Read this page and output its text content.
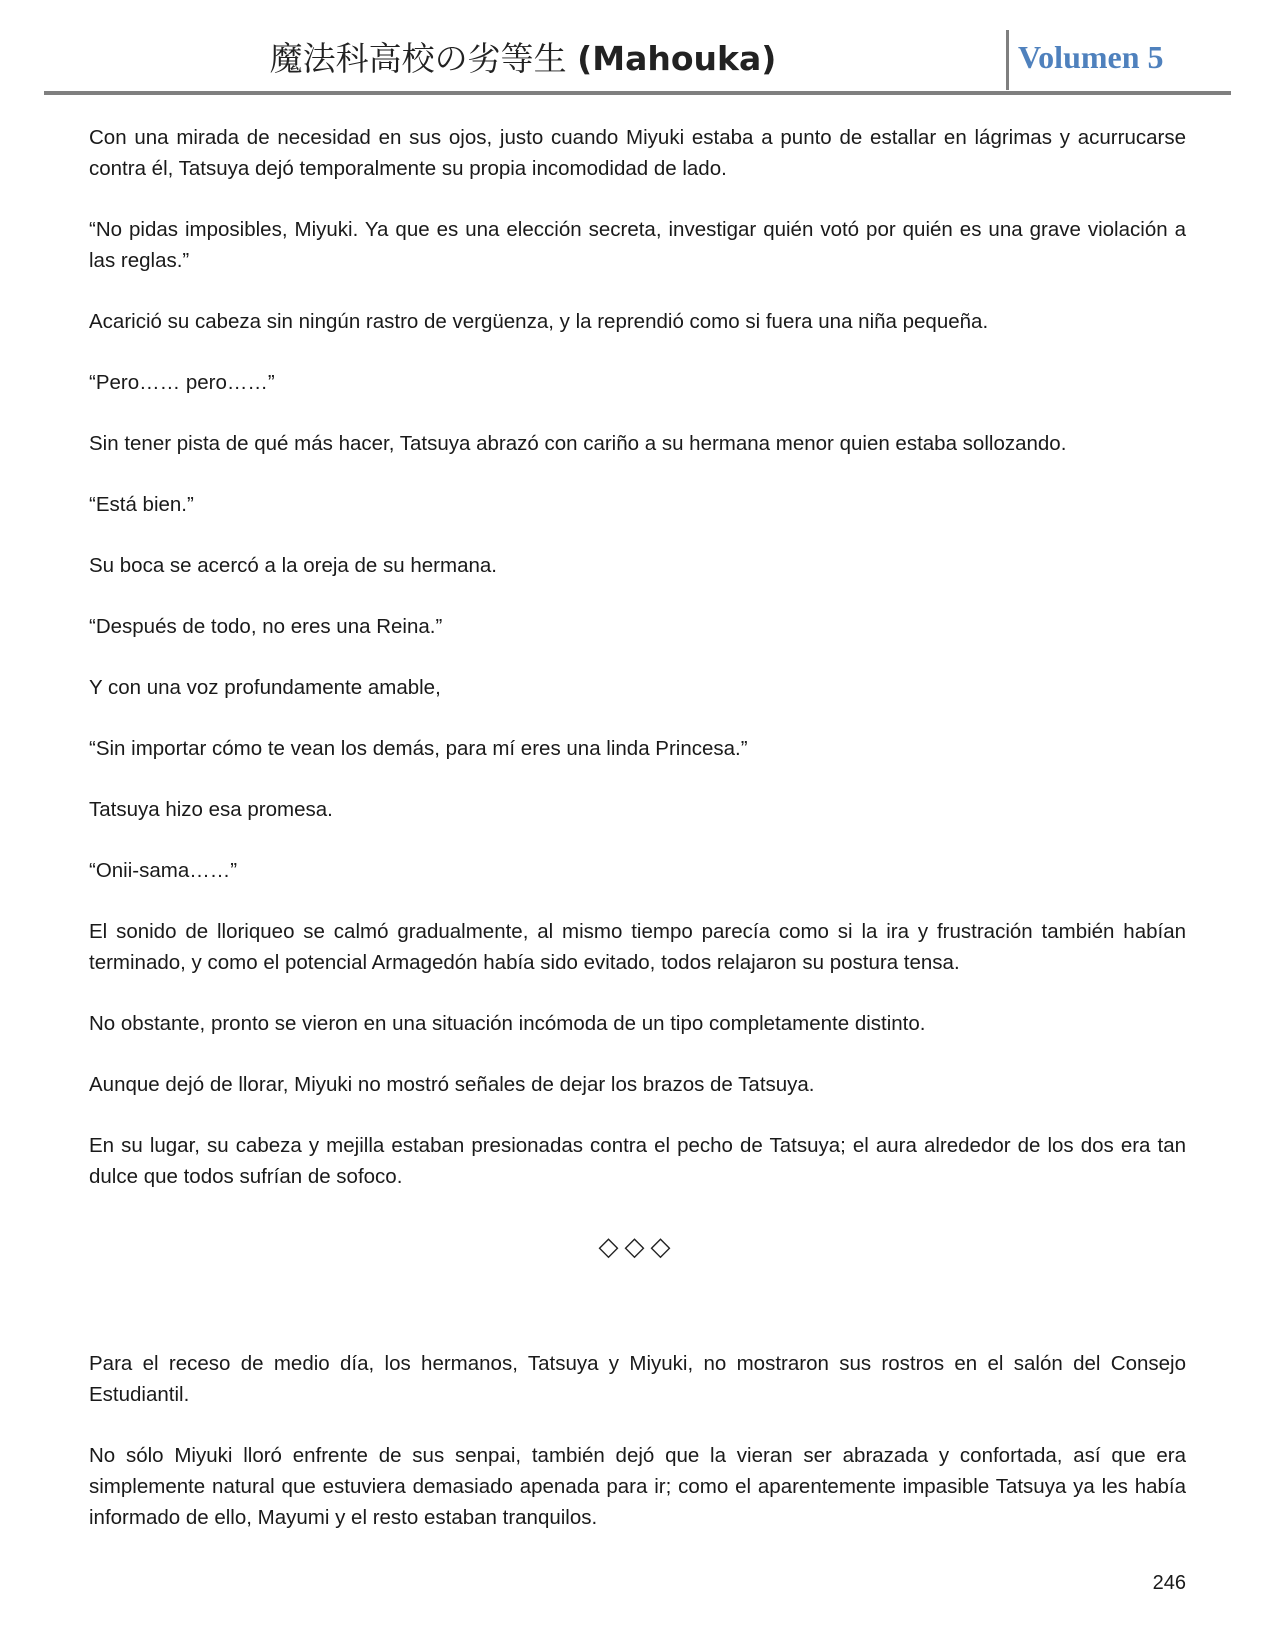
魔法科高校の劣等生 (Mahouka)	Volumen 5

Con una mirada de necesidad en sus ojos, justo cuando Miyuki estaba a punto de estallar en lágrimas y acurrucarse contra él, Tatsuya dejó temporalmente su propia incomodidad de lado.

“No pidas imposibles, Miyuki. Ya que es una elección secreta, investigar quién votó por quién es una grave violación a las reglas.”

Acarició su cabeza sin ningún rastro de vergüenza, y la reprendió como si fuera una niña pequeña.

“Pero…… pero……”

Sin tener pista de qué más hacer, Tatsuya abrazó con cariño a su hermana menor quien estaba sollozando.

“Está bien.”

Su boca se acercó a la oreja de su hermana.

“Después de todo, no eres una Reina.”

Y con una voz profundamente amable,

“Sin importar cómo te vean los demás, para mí eres una linda Princesa.”

Tatsuya hizo esa promesa.

“Onii-sama……”

El sonido de lloriqueo se calmó gradualmente, al mismo tiempo parecía como si la ira y frustración también habían terminado, y como el potencial Armagedón había sido evitado, todos relajaron su postura tensa.

No obstante, pronto se vieron en una situación incómoda de un tipo completamente distinto.

Aunque dejó de llorar, Miyuki no mostró señales de dejar los brazos de Tatsuya.

En su lugar, su cabeza y mejilla estaban presionadas contra el pecho de Tatsuya; el aura alrededor de los dos era tan dulce que todos sufrían de sofoco.

◇◇◇

Para el receso de medio día, los hermanos, Tatsuya y Miyuki, no mostraron sus rostros en el salón del Consejo Estudiantil.

No sólo Miyuki lloró enfrente de sus senpai, también dejó que la vieran ser abrazada y confortada, así que era simplemente natural que estuviera demasiado apenada para ir; como el aparentemente impasible Tatsuya ya les había informado de ello, Mayumi y el resto estaban tranquilos.

246
